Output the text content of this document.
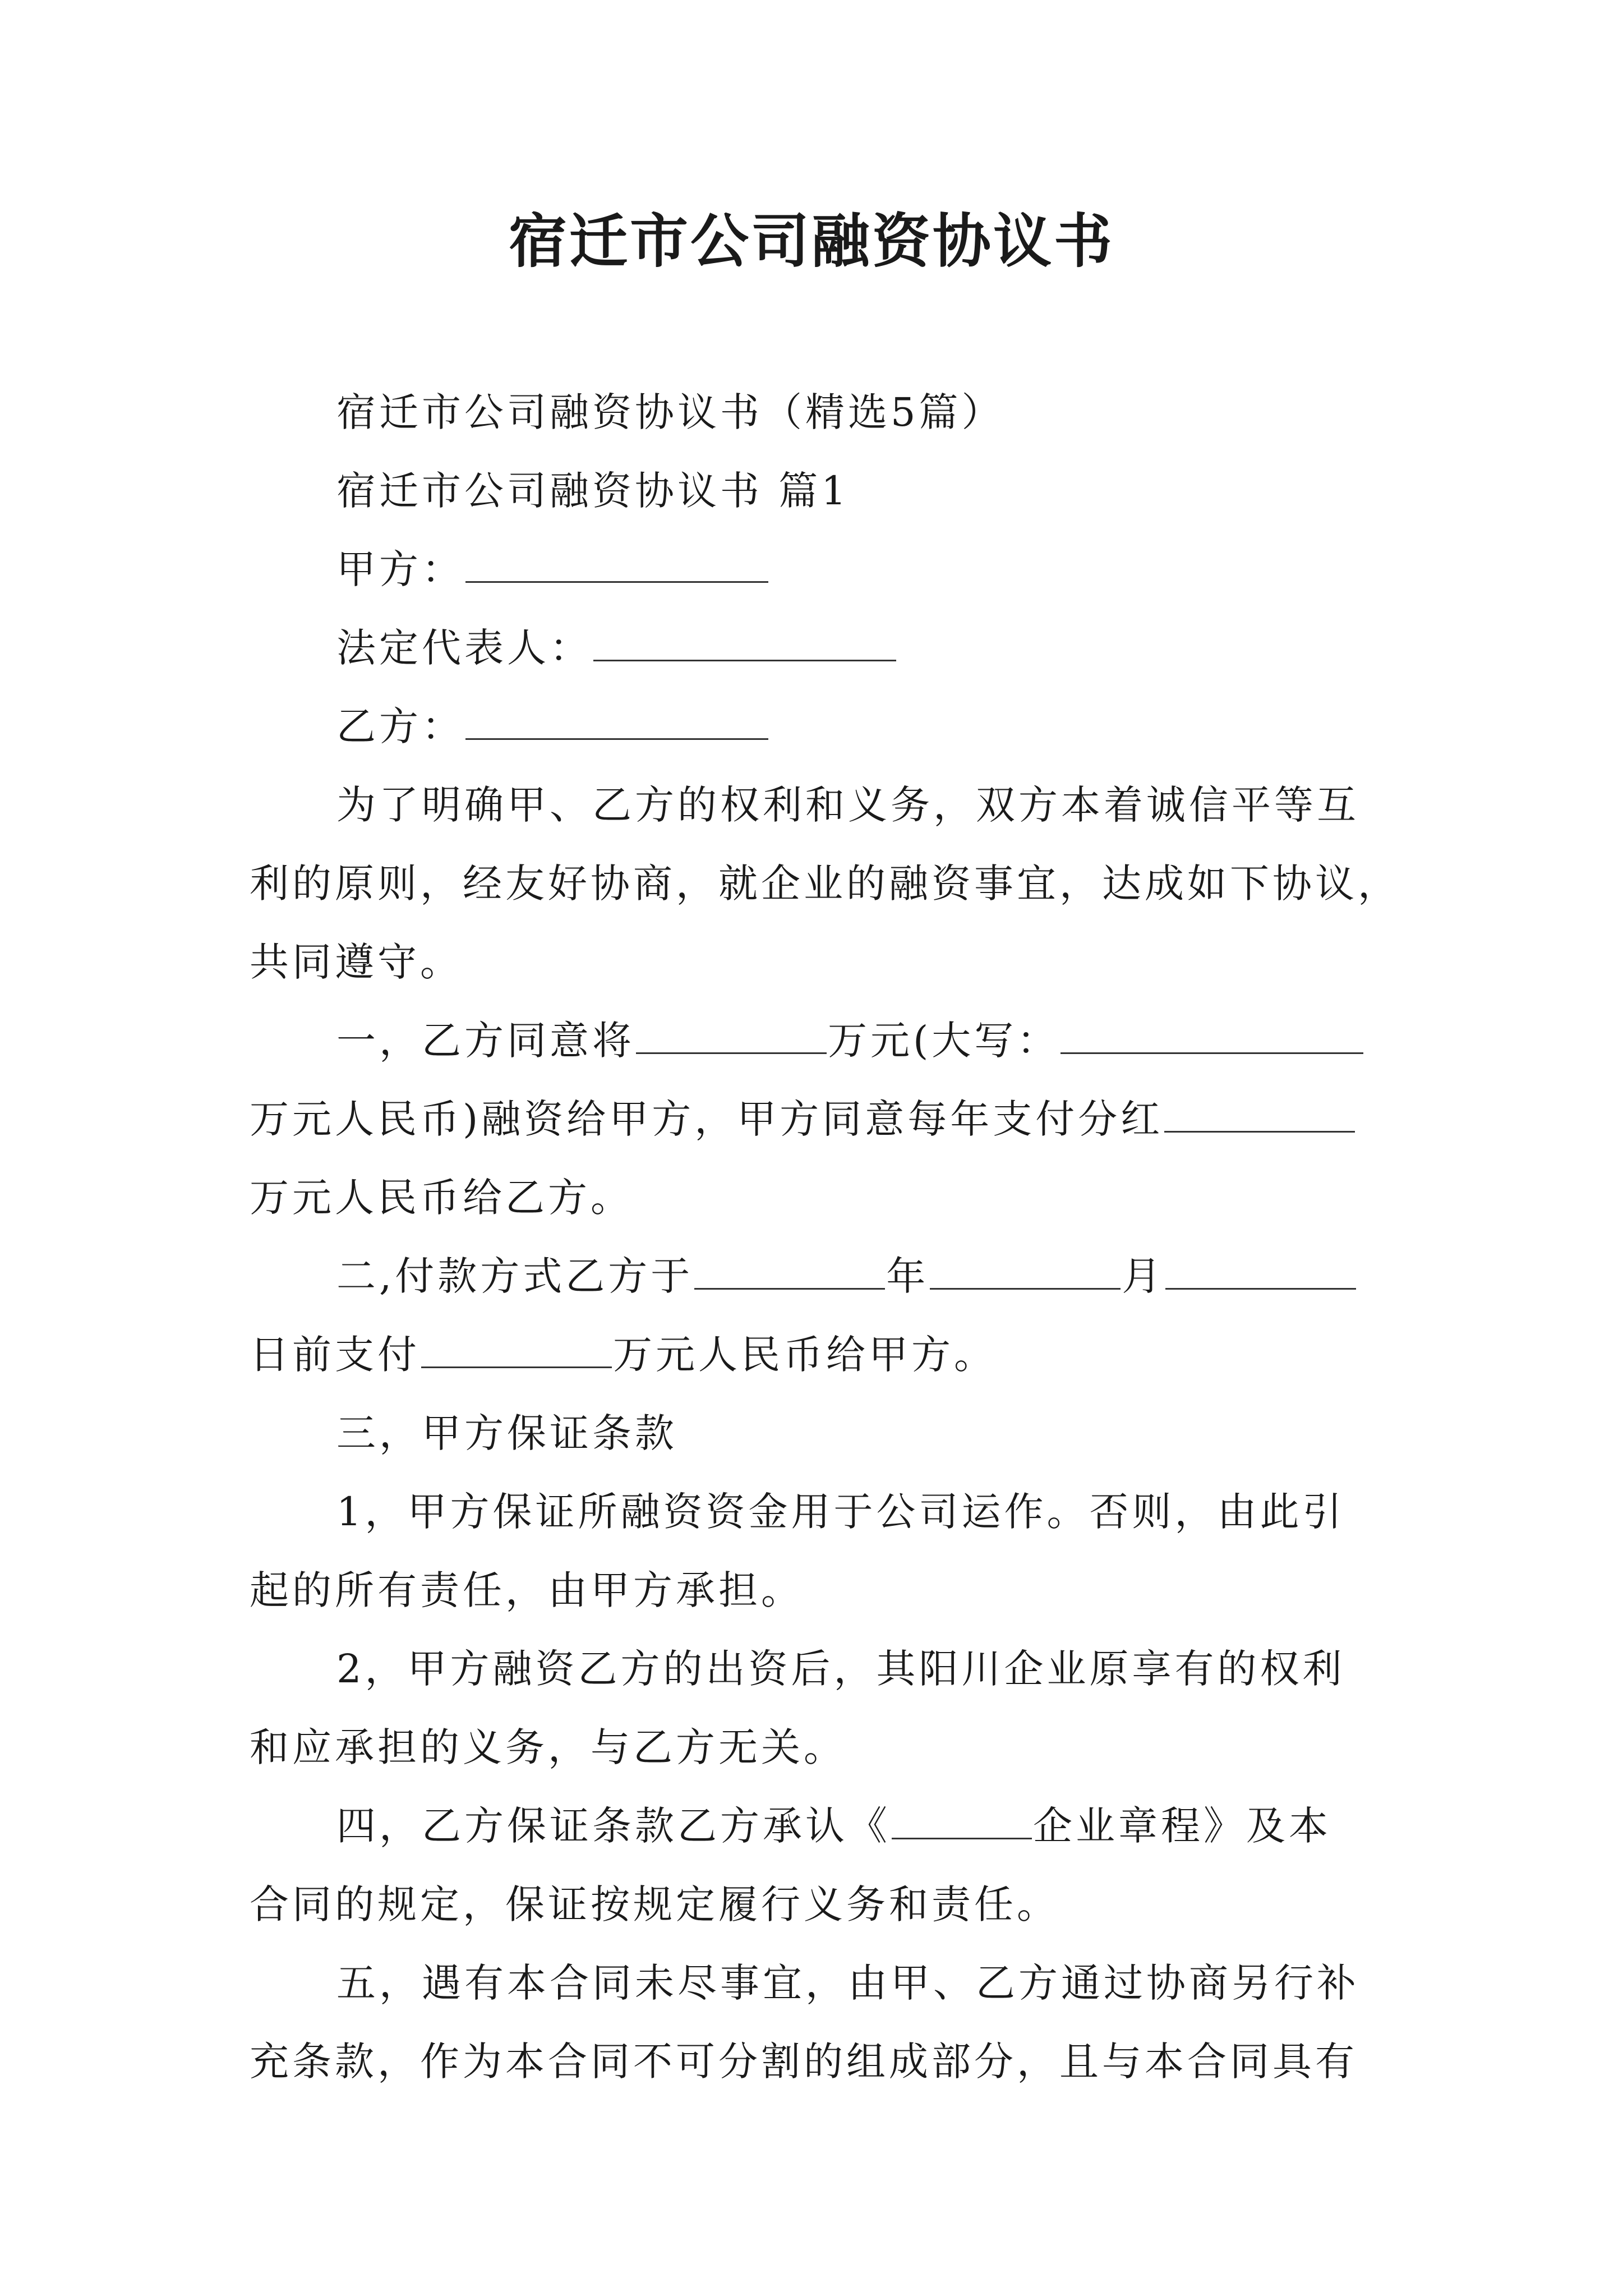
宿迁市公司融资协议书
宿迁市公司融资协议书（精选5篇）
宿迁市公司融资协议书 篇1
甲方：
法定代表人：
乙方：
为了明确甲、乙方的权利和义务，双方本着诚信平等互
利的原则，经友好协商，就企业的融资事宜，达成如下协议，
共同遵守。
一，乙方同意将	万元(大写：
万元人民币)融资给甲方，甲方同意每年支付分红
万元人民币给乙方。
二,付款方式乙方于	年	月
日前支付	万元人民币给甲方。
三，甲方保证条款
1，甲方保证所融资资金用于公司运作。否则，由此引
起的所有责任，由甲方承担。
2，甲方融资乙方的出资后，其阳川企业原享有的权利
和应承担的义务，与乙方无关。
四，乙方保证条款乙方承认《	企业章程》及本
合同的规定，保证按规定履行义务和责任。
五，遇有本合同未尽事宜，由甲、乙方通过协商另行补
充条款，作为本合同不可分割的组成部分，且与本合同具有
